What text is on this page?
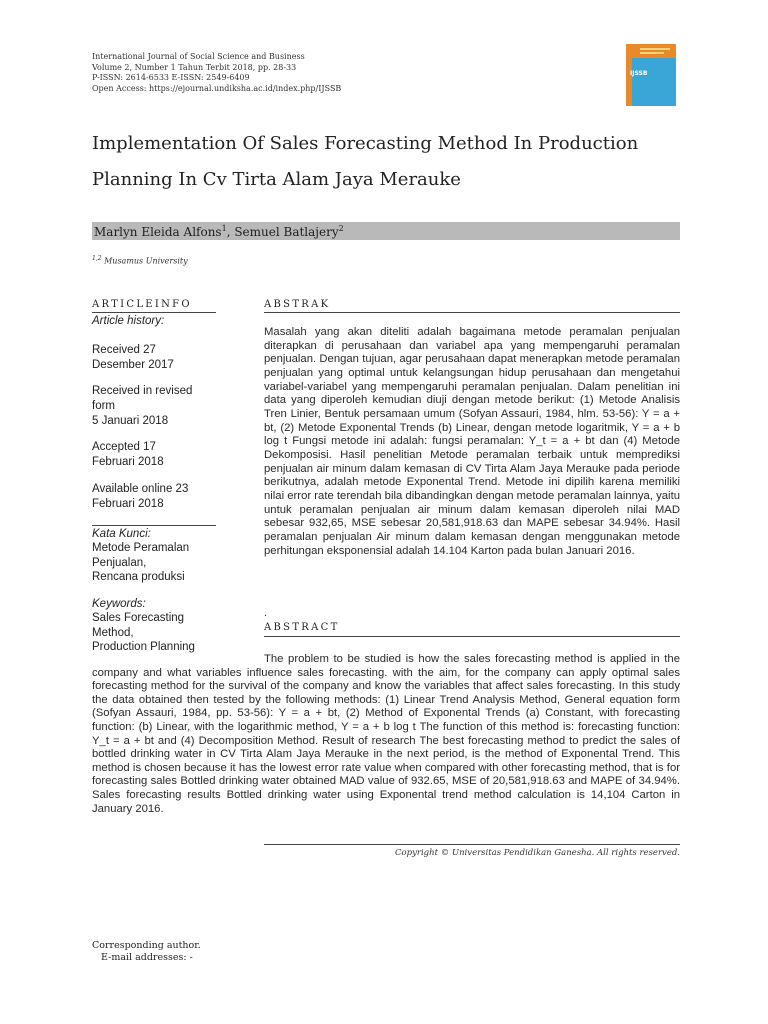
International Journal of Social Science and Business
Volume 2, Number 1 Tahun Terbit 2018, pp. 28-33
P-ISSN: 2614-6533 E-ISSN: 2549-6409
Open Access: https://ejournal.undiksha.ac.id/index.php/IJSSB
IJSSB
Implementation Of Sales Forecasting Method In Production
Planning In Cv Tirta Alam Jaya Merauke
Marlyn Eleida Alfons$^1$, Semuel Batlajery$^2$
$^{1,2}$ Musamus University
ARTICLEINFO
Article history:
Received 27
Desember 2017
Received in revised
form
5 Januari 2018
Accepted 17
Februari 2018
Available online 23
Februari 2018
Kata Kunci:
Metode Peramalan
Penjualan,
Rencana produksi
Keywords:
Sales Forecasting
Method,
Production Planning
ABSTRAK
Masalah yang akan diteliti adalah bagaimana metode peramalan penjualan diterapkan di perusahaan dan variabel apa yang mempengaruhi peramalan penjualan. Dengan tujuan, agar perusahaan dapat menerapkan metode peramalan penjualan yang optimal untuk kelangsungan hidup perusahaan dan mengetahui variabel-variabel yang mempengaruhi peramalan penjualan. Dalam penelitian ini data yang diperoleh kemudian diuji dengan metode berikut: (1) Metode Analisis Tren Linier, Bentuk persamaan umum (Sofyan Assauri, 1984, hlm. 53-56): Y = a + bt, (2) Metode Exponental Trends (b) Linear, dengan metode logaritmik, Y = a + b log t Fungsi metode ini adalah: fungsi peramalan: Y_t = a + bt dan (4) Metode Dekomposisi. Hasil penelitian Metode peramalan terbaik untuk memprediksi penjualan air minum dalam kemasan di CV Tirta Alam Jaya Merauke pada periode berikutnya, adalah metode Exponental Trend. Metode ini dipilih karena memiliki nilai error rate terendah bila dibandingkan dengan metode peramalan lainnya, yaitu untuk peramalan penjualan air minum dalam kemasan diperoleh nilai MAD sebesar 932,65, MSE sebesar 20,581,918.63 dan MAPE sebesar 34.94%. Hasil peramalan penjualan Air minum dalam kemasan dengan menggunakan metode perhitungan eksponensial adalah 14.104 Karton pada bulan Januari 2016.
.
ABSTRACT
The problem to be studied is how the sales forecasting method is applied in the company and what variables influence sales forecasting. with the aim, for the company can apply optimal sales forecasting method for the survival of the company and know the variables that affect sales forecasting. In this study the data obtained then tested by the following methods: (1) Linear Trend Analysis Method, General equation form (Sofyan Assauri, 1984, pp. 53-56): Y = a + bt, (2) Method of Exponental Trends (a) Constant, with forecasting function: (b) Linear, with the logarithmic method, Y = a + b log t The function of this method is: forecasting function: Y_t = a + bt and (4) Decomposition Method. Result of research The best forecasting method to predict the sales of bottled drinking water in CV Tirta Alam Jaya Merauke in the next period, is the method of Exponental Trend. This method is chosen because it has the lowest error rate value when compared with other forecasting method, that is for forecasting sales Bottled drinking water obtained MAD value of 932.65, MSE of 20,581,918.63 and MAPE of 34.94%. Sales forecasting results Bottled drinking water using Exponental trend method calculation is 14,104 Carton in January 2016.
Copyright © Universitas Pendidikan Ganesha. All rights reserved.
Corresponding author.
E-mail addresses: -
